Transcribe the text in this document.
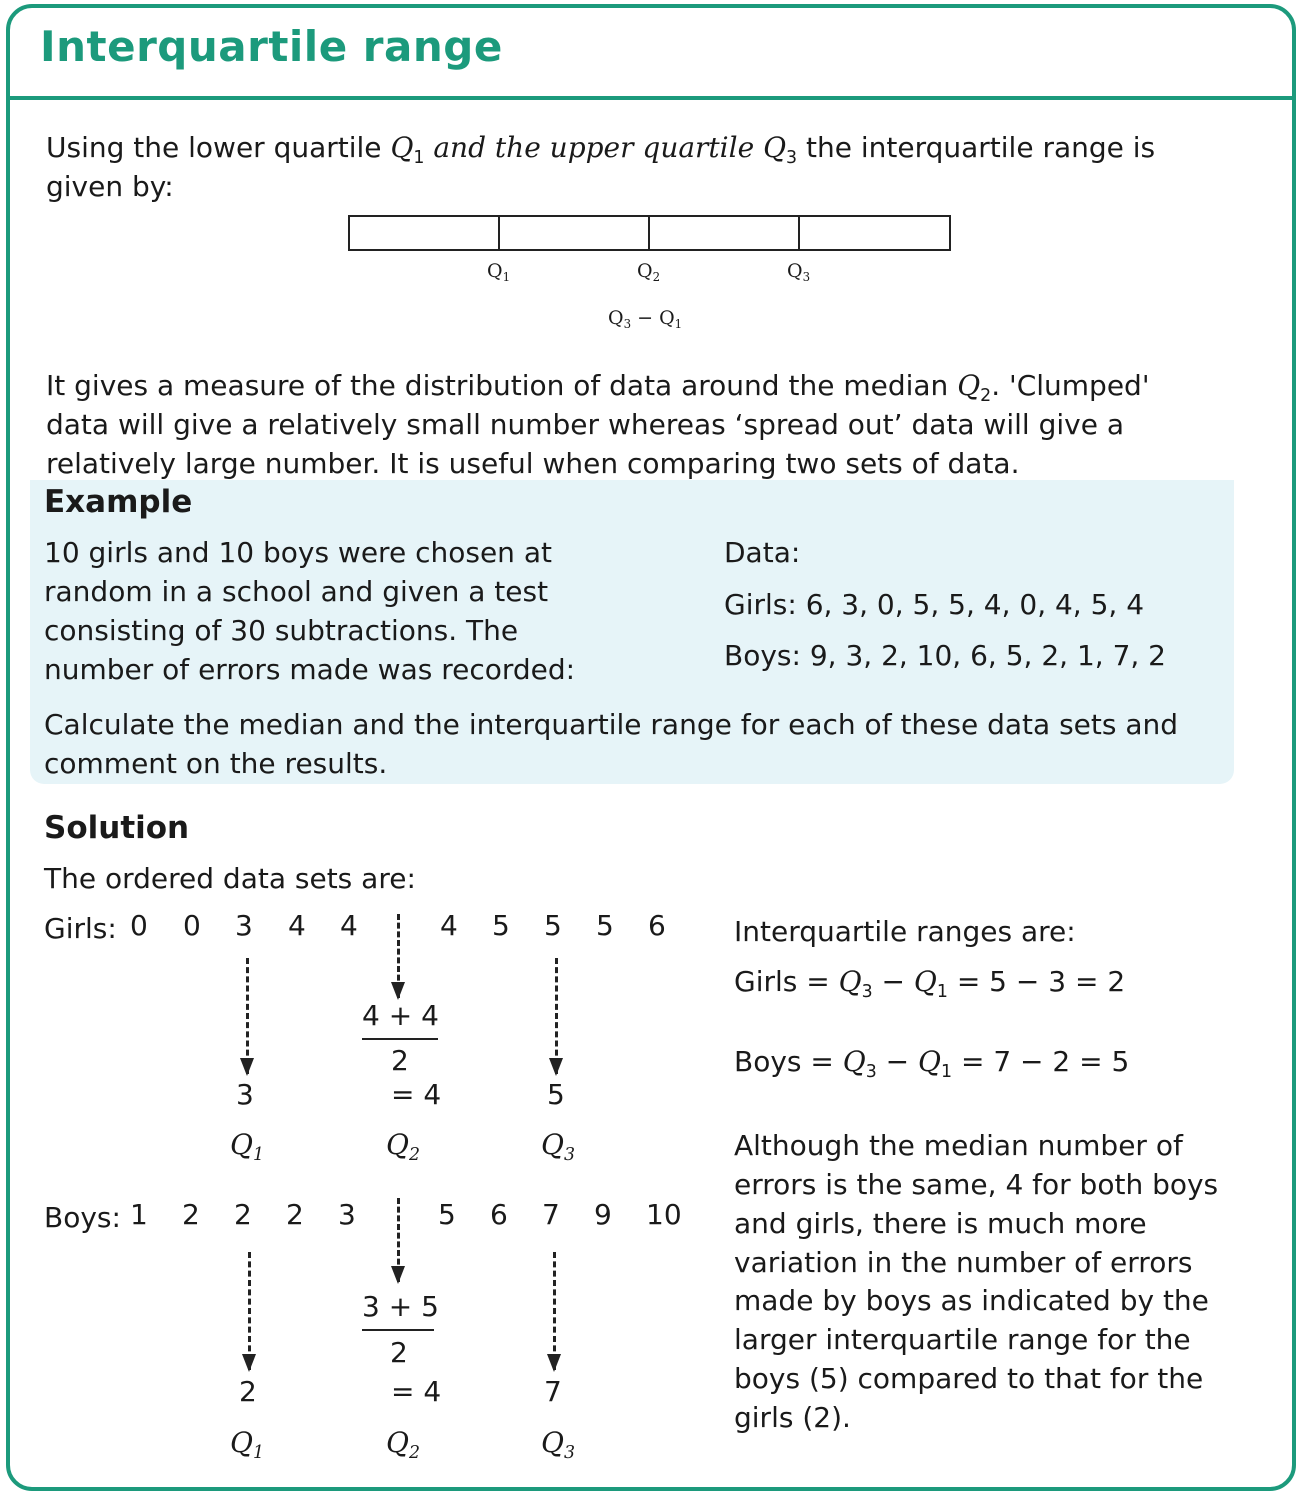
Interquartile range
Using the lower quartile $Q_1$ and the upper quartile $Q_3$ the interquartile range is
given by:
$Q_1$	$Q_2$	$Q_3$
$Q_3 - Q_1$
It gives a measure of the distribution of data around the median $Q_2$. 'Clumped'
data will give a relatively small number whereas ‘spread out’ data will give a
relatively large number. It is useful when comparing two sets of data.
Example
10 girls and 10 boys were chosen at
random in a school and given a test
consisting of 30 subtractions. The
number of errors made was recorded:
Data:
Girls: 6, 3, 0, 5, 5, 4, 0, 4, 5, 4
Boys: 9, 3, 2, 10, 6, 5, 2, 1, 7, 2
Calculate the median and the interquartile range for each of these data sets and
comment on the results.
Solution
The ordered data sets are:
Girls: 0 0 3 4 4	4 5 5 5 6
4 + 4
2
3	= 4	5
$Q_1$	$Q_2$	$Q_3$
Boys: 1 2 2 2 3	5 6 7 9 10
3 + 5
2
2	= 4	7
$Q_1$	$Q_2$	$Q_3$
Interquartile ranges are:
Girls = $Q_3 - Q_1 = 5 - 3 = 2$
Boys = $Q_3 - Q_1 = 7 - 2 = 5$
Although the median number of
errors is the same, 4 for both boys
and girls, there is much more
variation in the number of errors
made by boys as indicated by the
larger interquartile range for the
boys (5) compared to that for the
girls (2).
